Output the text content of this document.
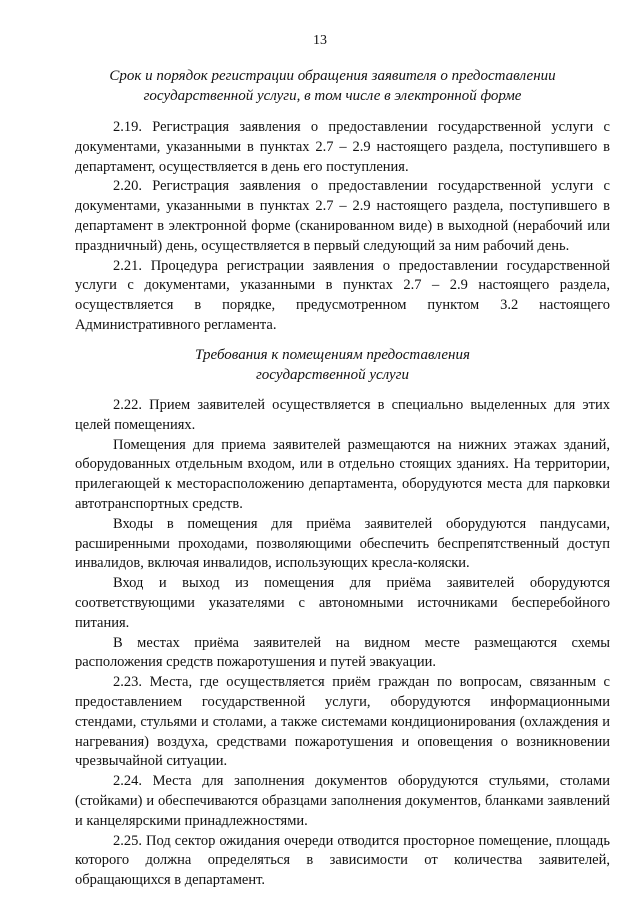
13
Срок и порядок регистрации обращения заявителя о предоставлении
государственной услуги, в том числе в электронной форме

2.19. Регистрация заявления о предоставлении государственной услуги с документами, указанными в пунктах 2.7 – 2.9 настоящего раздела, поступившего в департамент, осуществляется в день его поступления.

2.20. Регистрация заявления о предоставлении государственной услуги с документами, указанными в пунктах 2.7 – 2.9 настоящего раздела, поступившего в департамент в электронной форме (сканированном виде) в выходной (нерабочий или праздничный) день, осуществляется в первый следующий за ним рабочий день.

2.21. Процедура регистрации заявления о предоставлении государственной услуги с документами, указанными в пунктах 2.7 – 2.9 настоящего раздела, осуществляется в порядке, предусмотренном пунктом 3.2 настоящего Административного регламента.

Требования к помещениям предоставления
государственной услуги

2.22. Прием заявителей осуществляется в специально выделенных для этих целей помещениях.

Помещения для приема заявителей размещаются на нижних этажах зданий, оборудованных отдельным входом, или в отдельно стоящих зданиях. На территории, прилегающей к месторасположению департамента, оборудуются места для парковки автотранспортных средств.

Входы в помещения для приёма заявителей оборудуются пандусами, расширенными проходами, позволяющими обеспечить беспрепятственный доступ инвалидов, включая инвалидов, использующих кресла-коляски.

Вход и выход из помещения для приёма заявителей оборудуются соответствующими указателями с автономными источниками бесперебойного питания.

В местах приёма заявителей на видном месте размещаются схемы расположения средств пожаротушения и путей эвакуации.

2.23. Места, где осуществляется приём граждан по вопросам, связанным с предоставлением государственной услуги, оборудуются информационными стендами, стульями и столами, а также системами кондиционирования (охлаждения и нагревания) воздуха, средствами пожаротушения и оповещения о возникновении чрезвычайной ситуации.

2.24. Места для заполнения документов оборудуются стульями, столами (стойками) и обеспечиваются образцами заполнения документов, бланками заявлений и канцелярскими принадлежностями.

2.25. Под сектор ожидания очереди отводится просторное помещение, площадь которого должна определяться в зависимости от количества заявителей, обращающихся в департамент.
